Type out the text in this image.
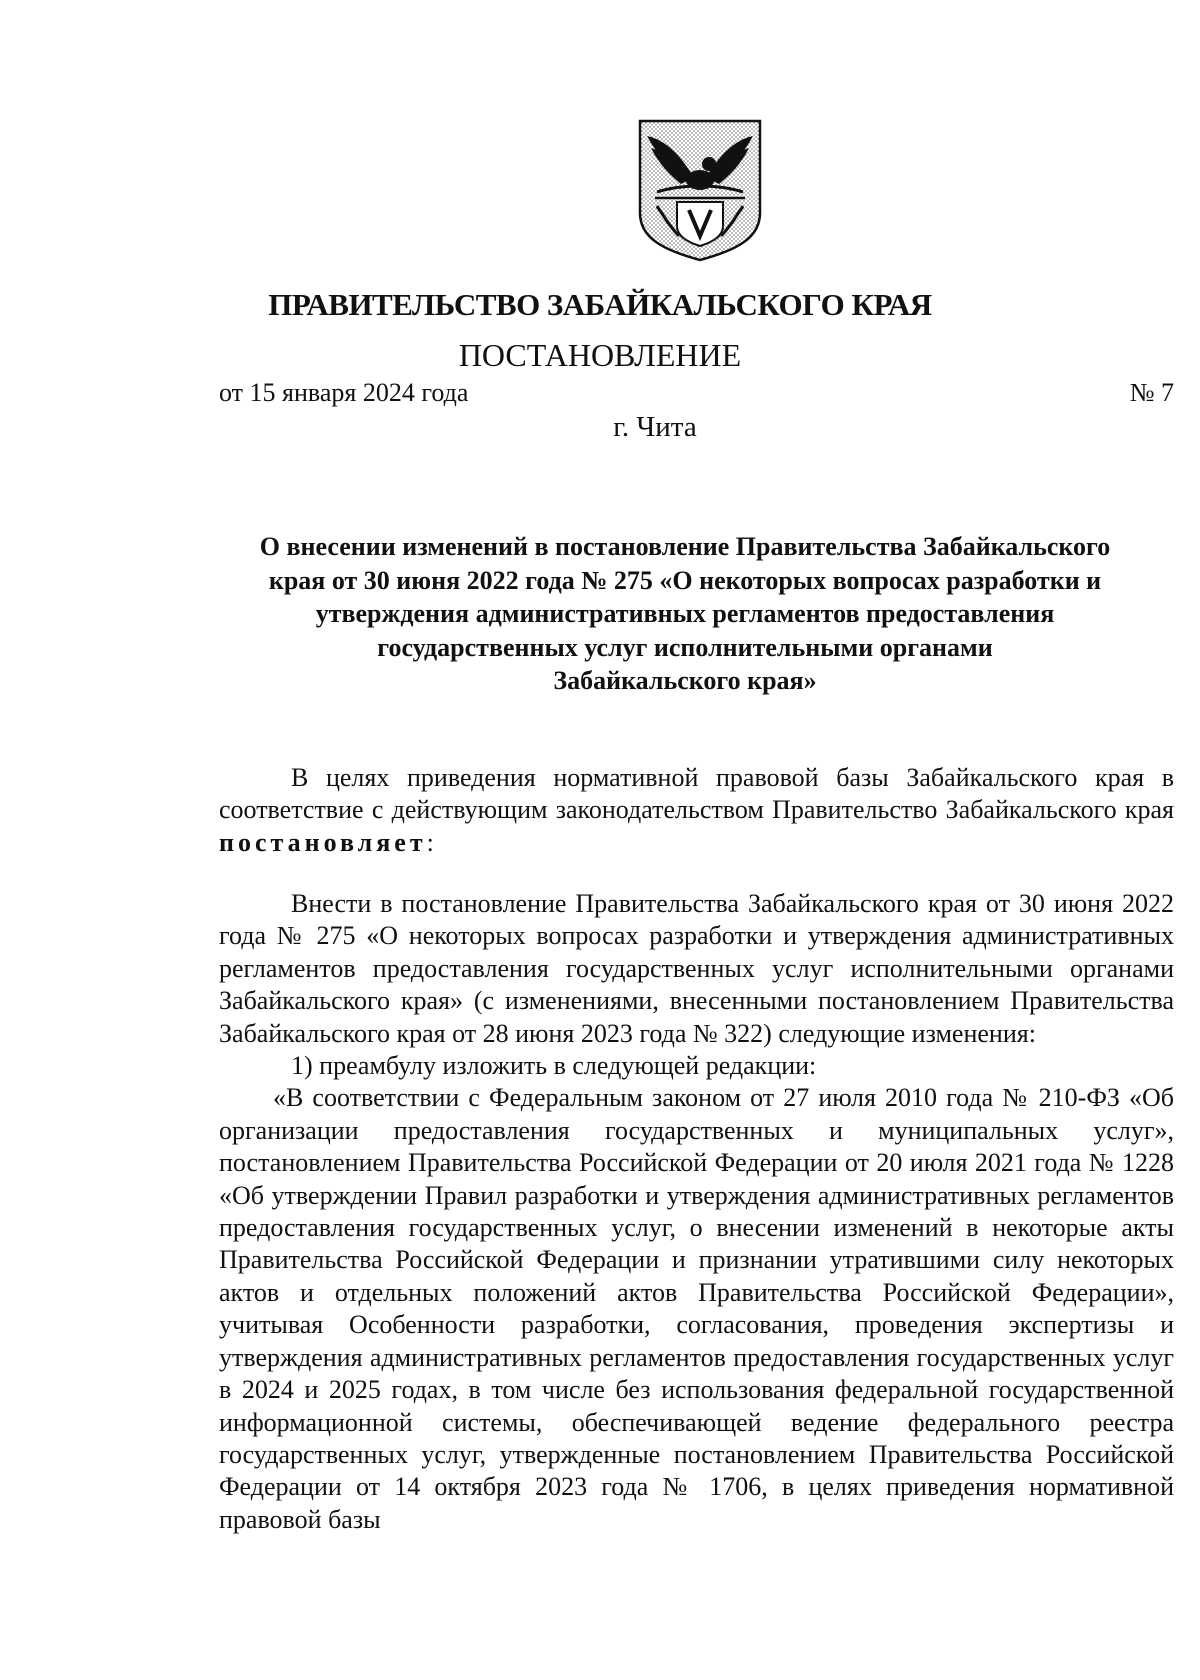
ПРАВИТЕЛЬСТВО ЗАБАЙКАЛЬСКОГО КРАЯ
ПОСТАНОВЛЕНИЕ
от 15 января 2024 года	№ 7
г. Чита
О внесении изменений в постановление Правительства Забайкальского
края от 30 июня 2022 года № 275 «О некоторых вопросах разработки и
утверждения административных регламентов предоставления
государственных услуг исполнительными органами
Забайкальского края»

В целях приведения нормативной правовой базы Забайкальского края в соответствие с действующим законодательством Правительство Забайкальского края постановляет:

Внести в постановление Правительства Забайкальского края от 30 июня 2022 года № 275 «О некоторых вопросах разработки и утверждения административных регламентов предоставления государственных услуг исполнительными органами Забайкальского края» (с изменениями, внесенными постановлением Правительства Забайкальского края от 28 июня 2023 года № 322) следующие изменения:

1) преамбулу изложить в следующей редакции:

«В соответствии с Федеральным законом от 27 июля 2010 года № 210-ФЗ «Об организации предоставления государственных и муниципальных услуг», постановлением Правительства Российской Федерации от 20 июля 2021 года № 1228 «Об утверждении Правил разработки и утверждения административных регламентов предоставления государственных услуг, о внесении изменений в некоторые акты Правительства Российской Федерации и признании утратившими силу некоторых актов и отдельных положений актов Правительства Российской Федерации», учитывая Особенности разработки, согласования, проведения экспертизы и утверждения административных регламентов предоставления государственных услуг в 2024 и 2025 годах, в том числе без использования федеральной государственной информационной системы, обеспечивающей ведение федерального реестра государственных услуг, утвержденные постановлением Правительства Российской Федерации от 14 октября 2023 года № 1706, в целях приведения нормативной правовой базы
